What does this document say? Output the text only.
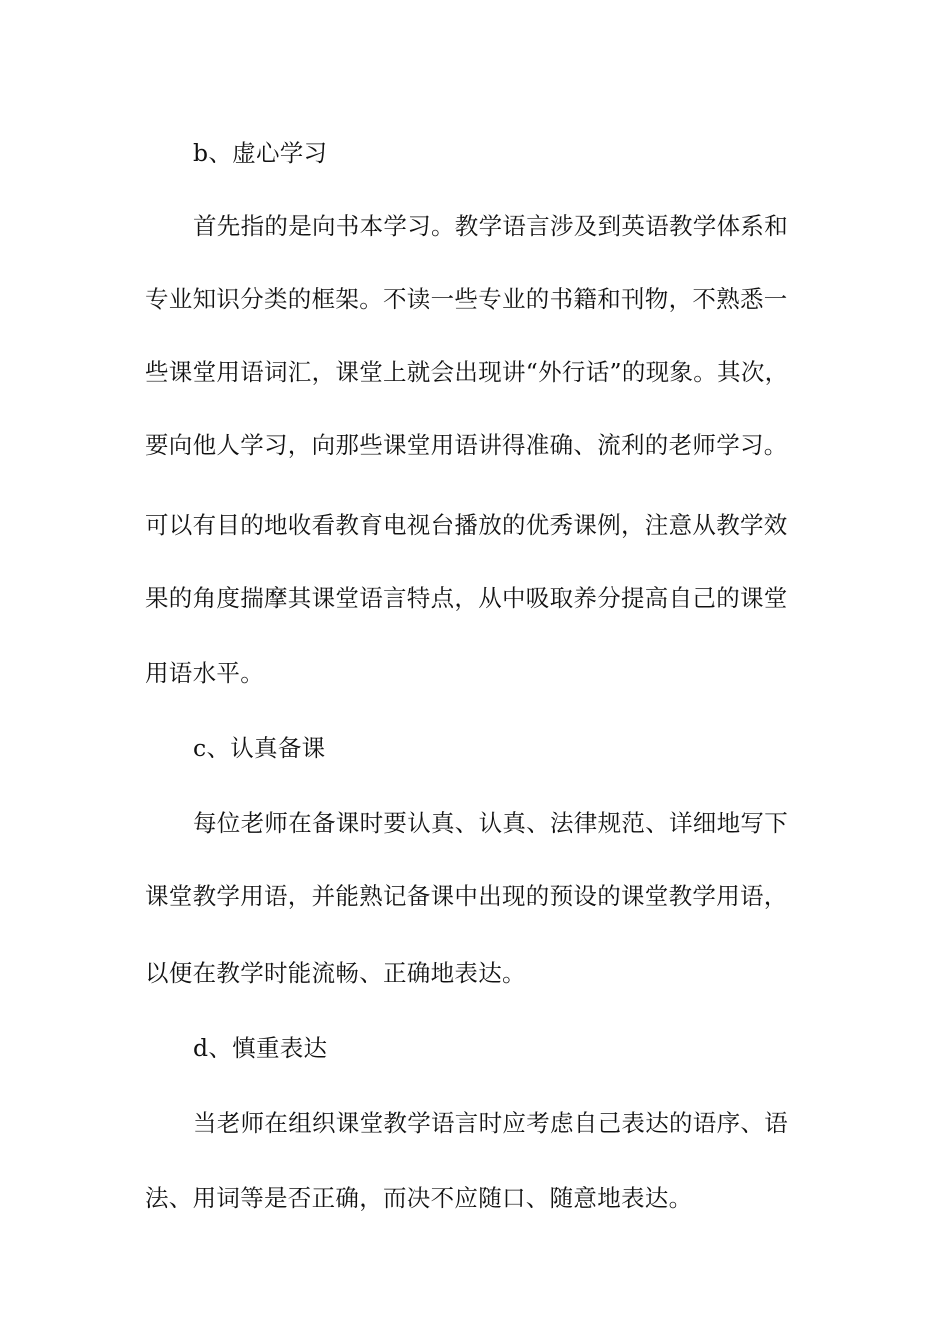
b、虚心学习
首先指的是向书本学习。教学语言涉及到英语教学体系和
专业知识分类的框架。不读一些专业的书籍和刊物，不熟悉一
些课堂用语词汇，课堂上就会出现讲“外行话”的现象。其次，
要向他人学习，向那些课堂用语讲得准确、流利的老师学习。
可以有目的地收看教育电视台播放的优秀课例，注意从教学效
果的角度揣摩其课堂语言特点，从中吸取养分提高自己的课堂
用语水平。
c、认真备课
每位老师在备课时要认真、认真、法律规范、详细地写下
课堂教学用语，并能熟记备课中出现的预设的课堂教学用语，
以便在教学时能流畅、正确地表达。
d、慎重表达
当老师在组织课堂教学语言时应考虑自己表达的语序、语
法、用词等是否正确，而决不应随口、随意地表达。
